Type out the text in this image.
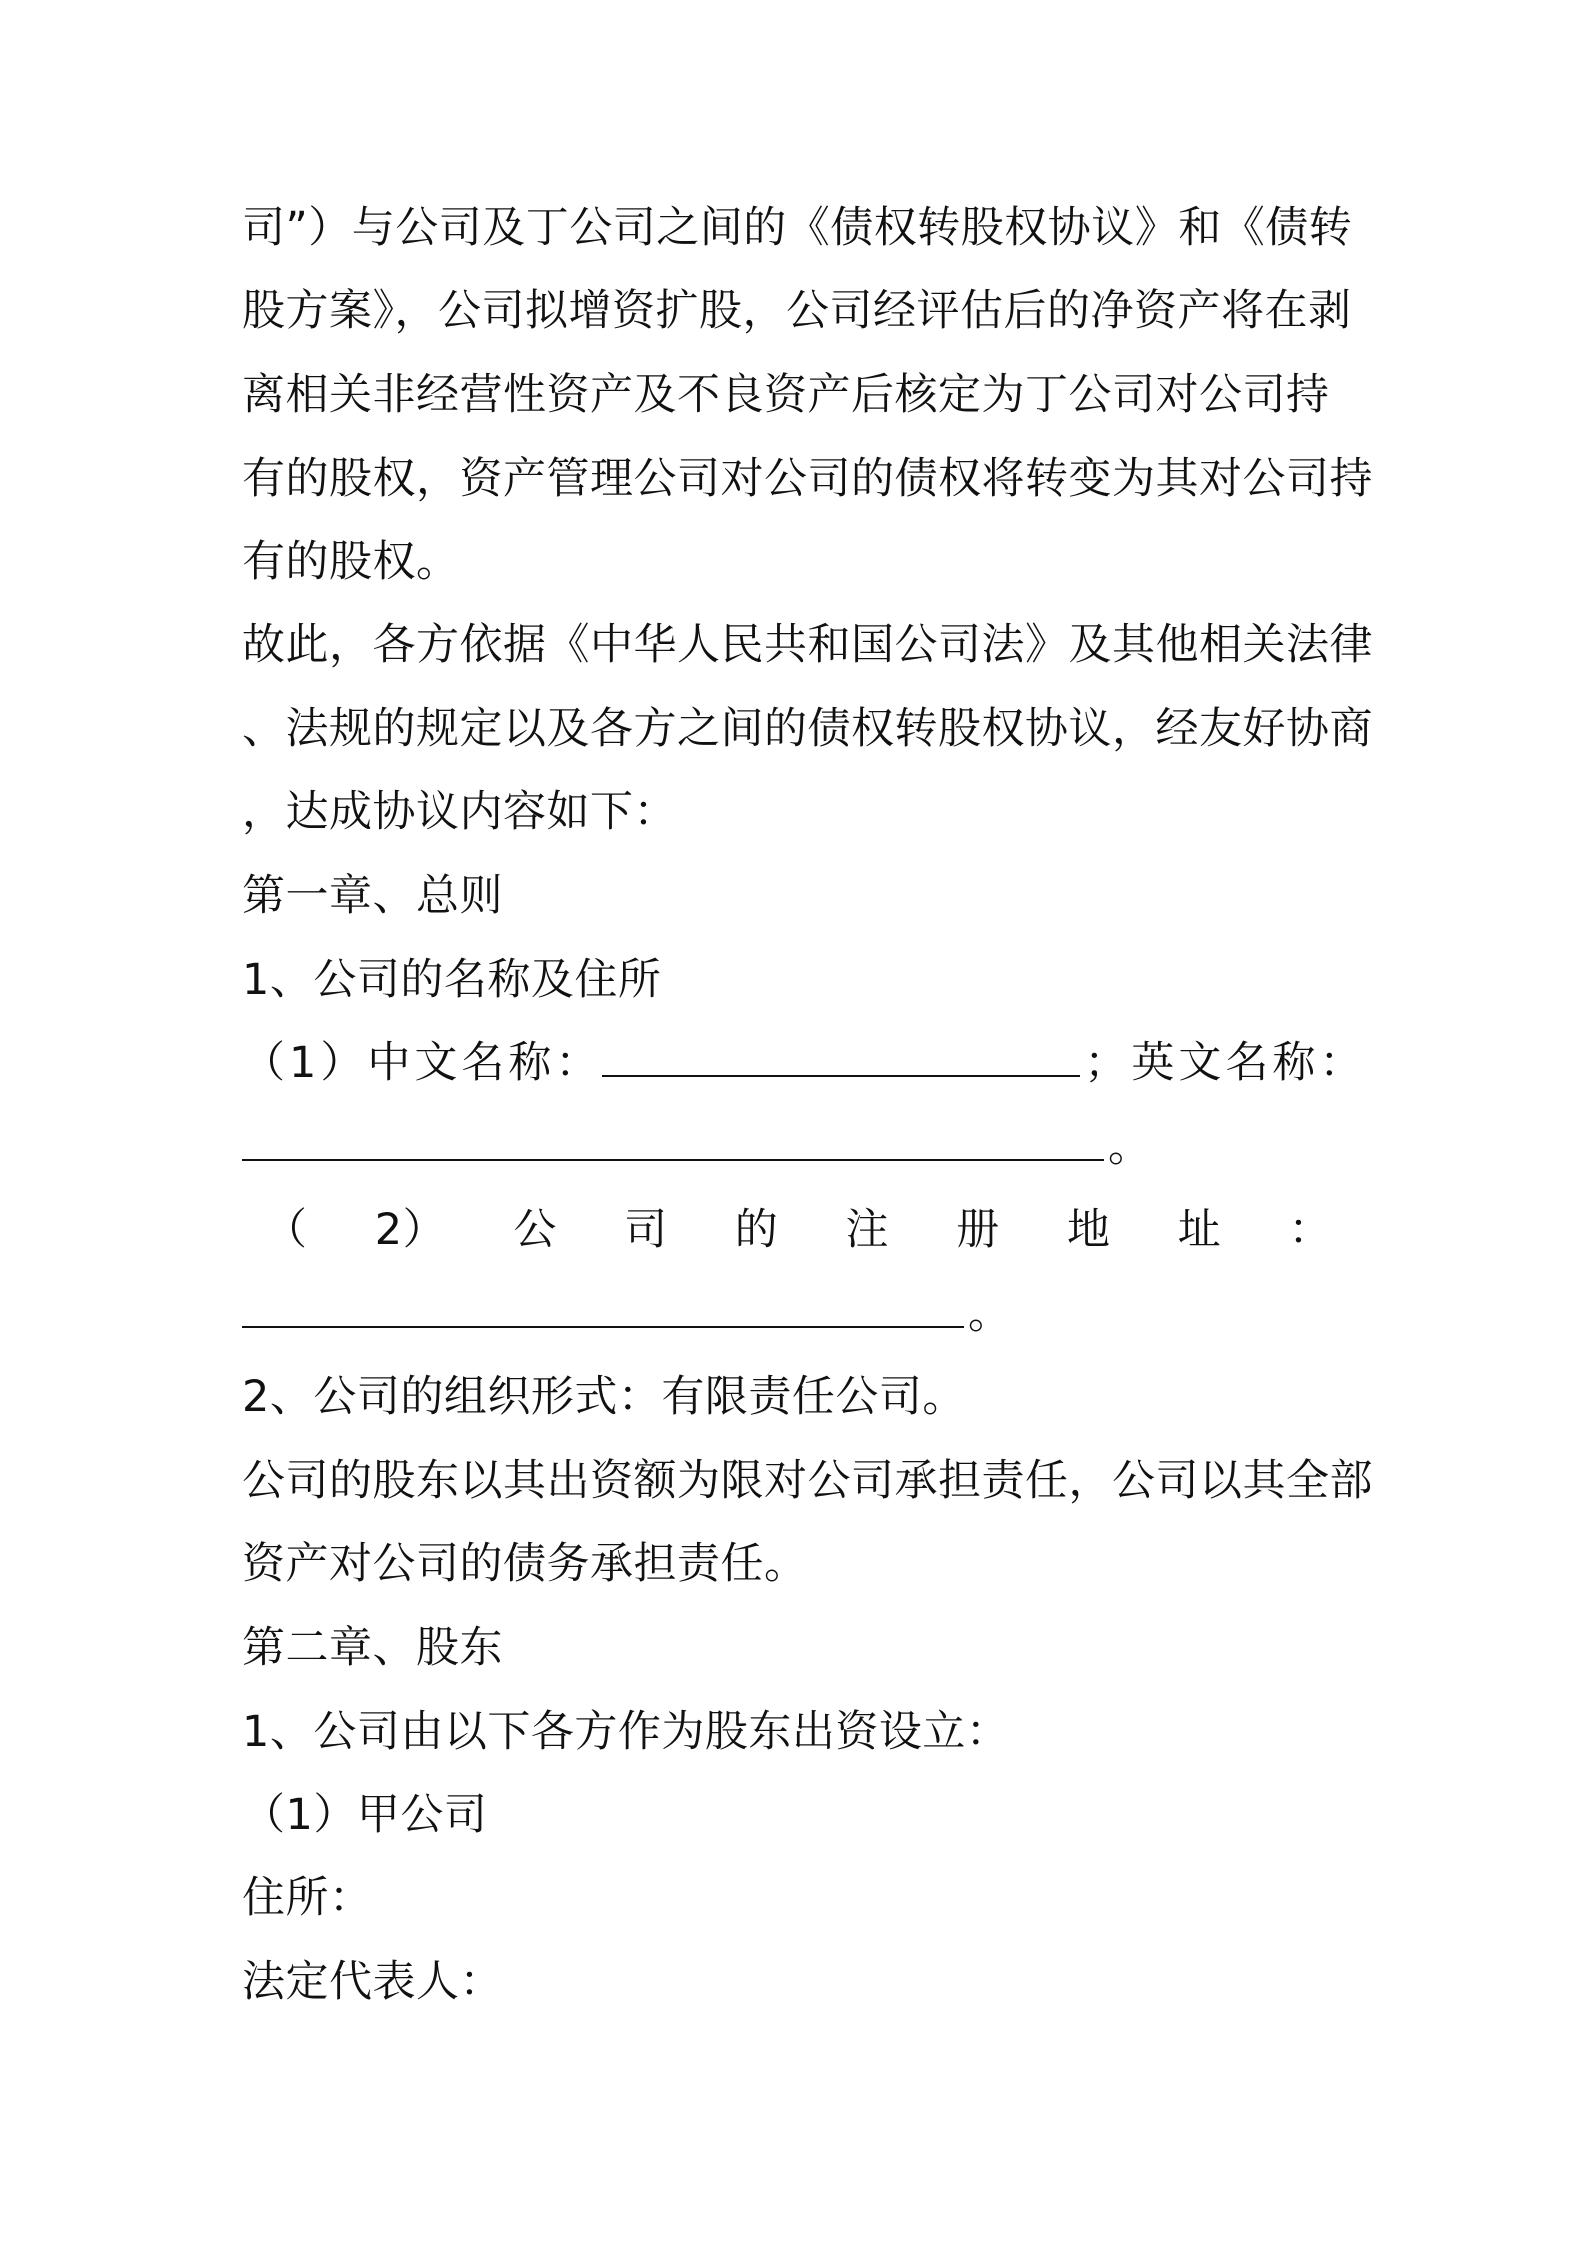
司”）与公司及丁公司之间的《债权转股权协议》和《债转
股方案》，公司拟增资扩股，公司经评估后的净资产将在剥
离相关非经营性资产及不良资产后核定为丁公司对公司持
有的股权，资产管理公司对公司的债权将转变为其对公司持
有的股权。
故此，各方依据《中华人民共和国公司法》及其他相关法律
、法规的规定以及各方之间的债权转股权协议，经友好协商
，达成协议内容如下：
第一章、总则
1、公司的名称及住所
（1）中文名称：	；英文名称：
。
（ 2） 公 司 的 注 册 地 址 ：
。
2、公司的组织形式：有限责任公司。
公司的股东以其出资额为限对公司承担责任，公司以其全部
资产对公司的债务承担责任。
第二章、股东
1、公司由以下各方作为股东出资设立：
（1）甲公司
住所：
法定代表人：
